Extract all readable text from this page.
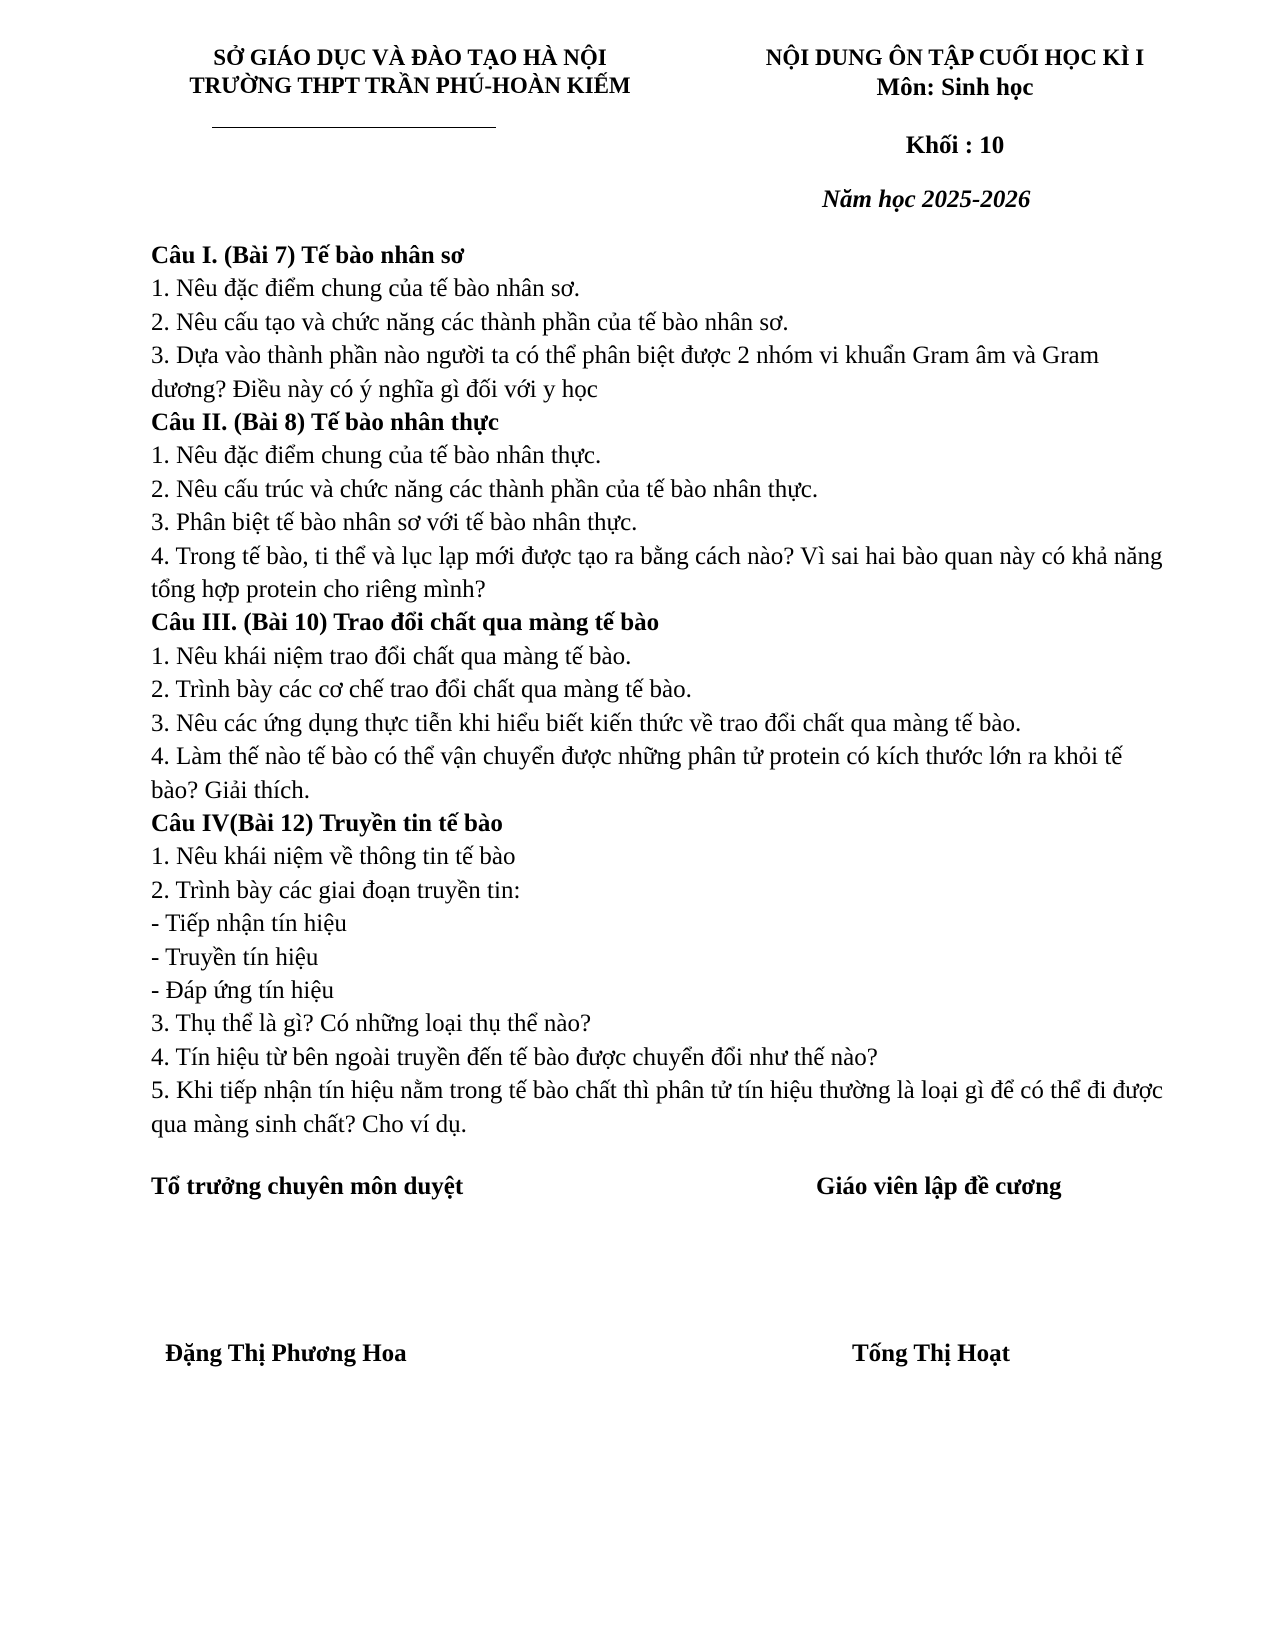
SỞ GIÁO DỤC VÀ ĐÀO TẠO HÀ NỘI
TRƯỜNG THPT TRẦN PHÚ-HOÀN KIẾM
NỘI DUNG ÔN TẬP CUỐI HỌC KÌ I
Môn: Sinh học
Khối : 10
Năm học 2025-2026

Câu I. (Bài 7) Tế bào nhân sơ

1. Nêu đặc điểm chung của tế bào nhân sơ.

2. Nêu cấu tạo và chức năng các thành phần của tế bào nhân sơ.

3. Dựa vào thành phần nào người ta có thể phân biệt được 2 nhóm vi khuẩn Gram âm và Gram dương? Điều này có ý nghĩa gì đối với y học

Câu II. (Bài 8) Tế bào nhân thực

1. Nêu đặc điểm chung của tế bào nhân thực.

2. Nêu cấu trúc và chức năng các thành phần của tế bào nhân thực.

3. Phân biệt tế bào nhân sơ với tế bào nhân thực.

4. Trong tế bào, ti thể và lục lạp mới được tạo ra bằng cách nào? Vì sai hai bào quan này có khả năng tổng hợp protein cho riêng mình?

Câu III. (Bài 10) Trao đổi chất qua màng tế bào

1. Nêu khái niệm trao đổi chất qua màng tế bào.

2. Trình bày các cơ chế trao đổi chất qua màng tế bào.

3. Nêu các ứng dụng thực tiễn khi hiểu biết kiến thức về trao đổi chất qua màng tế bào.

4. Làm thế nào tế bào có thể vận chuyển được những phân tử protein có kích thước lớn ra khỏi tế bào? Giải thích.

Câu IV(Bài 12) Truyền tin tế bào

1. Nêu khái niệm về thông tin tế bào

2. Trình bày các giai đoạn truyền tin:

- Tiếp nhận tín hiệu

- Truyền tín hiệu

- Đáp ứng tín hiệu

3. Thụ thể là gì? Có những loại thụ thể nào?

4. Tín hiệu từ bên ngoài truyền đến tế bào được chuyển đổi như thế nào?

5. Khi tiếp nhận tín hiệu nằm trong tế bào chất thì phân tử tín hiệu thường là loại gì để có thể đi được qua màng sinh chất? Cho ví dụ.

Tổ trưởng chuyên môn duyệt	Giáo viên lập đề cương
Đặng Thị Phương Hoa	Tống Thị Hoạt
